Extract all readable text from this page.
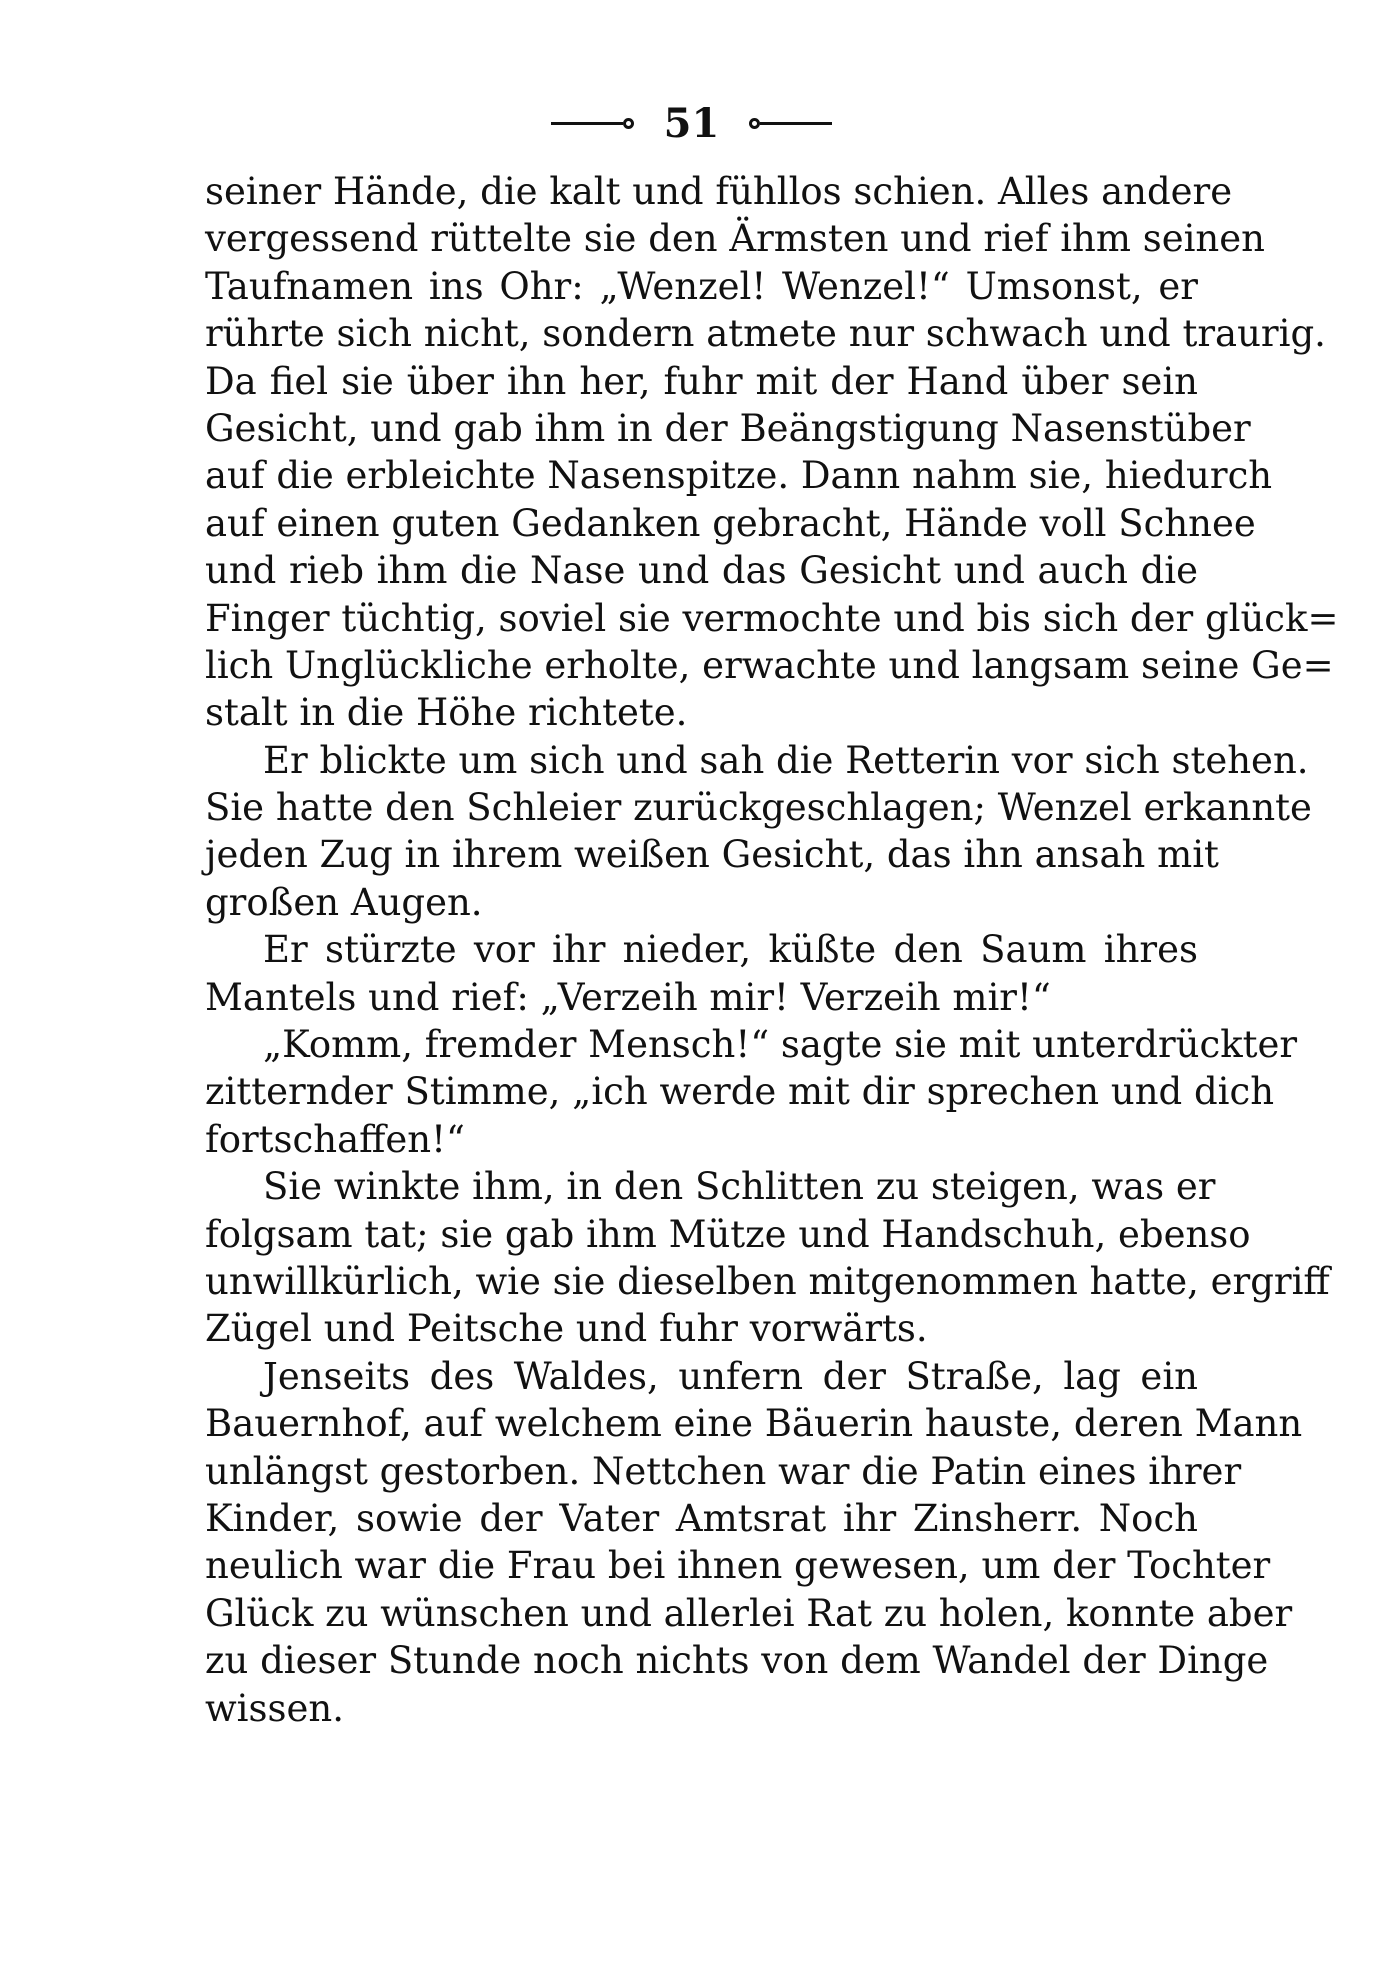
51
seiner Hände, die kalt und fühllos schien. Alles andere
vergessend rüttelte sie den Ärmsten und rief ihm seinen
Taufnamen ins Ohr: „Wenzel! Wenzel!“ Umsonst, er
rührte sich nicht, sondern atmete nur schwach und traurig.
Da fiel sie über ihn her, fuhr mit der Hand über sein
Gesicht, und gab ihm in der Beängstigung Nasenstüber
auf die erbleichte Nasenspitze. Dann nahm sie, hiedurch
auf einen guten Gedanken gebracht, Hände voll Schnee
und rieb ihm die Nase und das Gesicht und auch die
Finger tüchtig, soviel sie vermochte und bis sich der glück=
lich Unglückliche erholte, erwachte und langsam seine Ge=
stalt in die Höhe richtete.
Er blickte um sich und sah die Retterin vor sich stehen.
Sie hatte den Schleier zurückgeschlagen; Wenzel erkannte
jeden Zug in ihrem weißen Gesicht, das ihn ansah mit
großen Augen.
Er stürzte vor ihr nieder, küßte den Saum ihres
Mantels und rief: „Verzeih mir! Verzeih mir!“
„Komm, fremder Mensch!“ sagte sie mit unterdrückter
zitternder Stimme, „ich werde mit dir sprechen und dich
fortschaffen!“
Sie winkte ihm, in den Schlitten zu steigen, was er
folgsam tat; sie gab ihm Mütze und Handschuh, ebenso
unwillkürlich, wie sie dieselben mitgenommen hatte, ergriff
Zügel und Peitsche und fuhr vorwärts.
Jenseits des Waldes, unfern der Straße, lag ein
Bauernhof, auf welchem eine Bäuerin hauste, deren Mann
unlängst gestorben. Nettchen war die Patin eines ihrer
Kinder, sowie der Vater Amtsrat ihr Zinsherr. Noch
neulich war die Frau bei ihnen gewesen, um der Tochter
Glück zu wünschen und allerlei Rat zu holen, konnte aber
zu dieser Stunde noch nichts von dem Wandel der Dinge
wissen.
